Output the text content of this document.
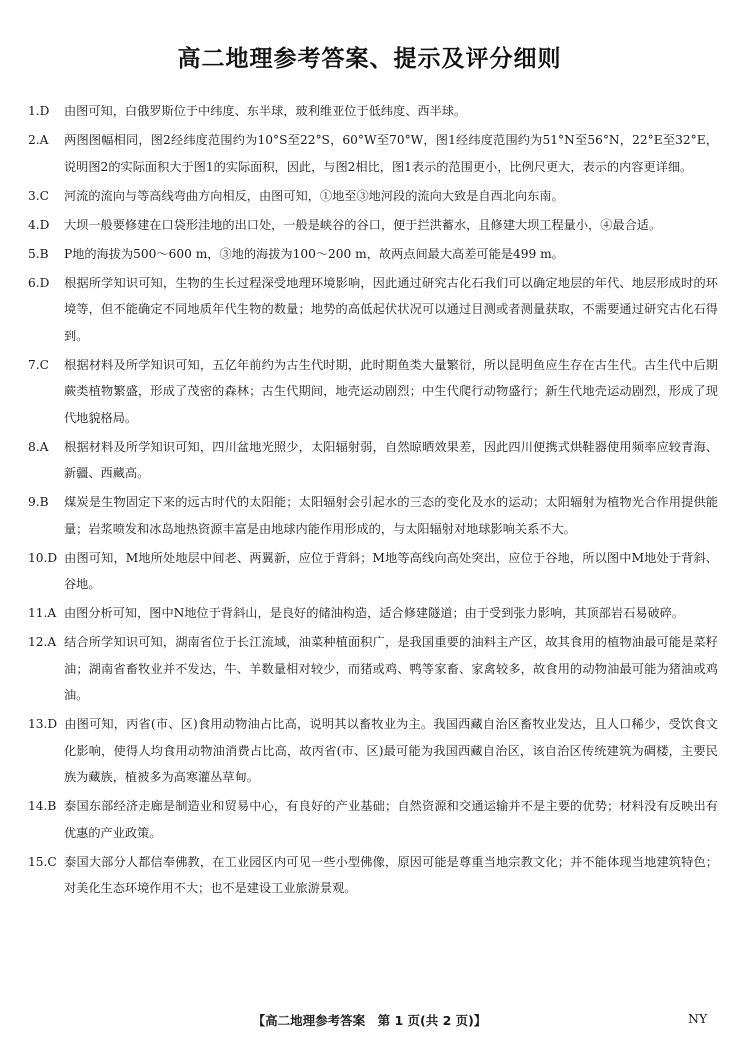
高二地理参考答案、提示及评分细则
1.D 由图可知，白俄罗斯位于中纬度、东半球，玻利维亚位于低纬度、西半球。
2.A 两图图幅相同，图2经纬度范围约为10°S至22°S，60°W至70°W，图1经纬度范围约为51°N至56°N，22°E至32°E，说明图2的实际面积大于图1的实际面积，因此，与图2相比，图1表示的范围更小，比例尺更大，表示的内容更详细。
3.C 河流的流向与等高线弯曲方向相反，由图可知，①地至③地河段的流向大致是自西北向东南。
4.D 大坝一般要修建在口袋形洼地的出口处，一般是峡谷的谷口，便于拦洪蓄水，且修建大坝工程量小，④最合适。
5.B P地的海拔为500～600 m，③地的海拔为100～200 m，故两点间最大高差可能是499 m。
6.D 根据所学知识可知，生物的生长过程深受地理环境影响，因此通过研究古化石我们可以确定地层的年代、地层形成时的环境等，但不能确定不同地质年代生物的数量；地势的高低起伏状况可以通过目测或者测量获取，不需要通过研究古化石得到。
7.C 根据材料及所学知识可知，五亿年前约为古生代时期，此时期鱼类大量繁衍，所以昆明鱼应生存在古生代。古生代中后期蕨类植物繁盛，形成了茂密的森林；古生代期间，地壳运动剧烈；中生代爬行动物盛行；新生代地壳运动剧烈，形成了现代地貌格局。
8.A 根据材料及所学知识可知，四川盆地光照少，太阳辐射弱，自然晾晒效果差，因此四川便携式烘鞋器使用频率应较青海、新疆、西藏高。
9.B 煤炭是生物固定下来的远古时代的太阳能；太阳辐射会引起水的三态的变化及水的运动；太阳辐射为植物光合作用提供能量；岩浆喷发和冰岛地热资源丰富是由地球内能作用形成的，与太阳辐射对地球影响关系不大。
10.D 由图可知，M地所处地层中间老、两翼新，应位于背斜；M地等高线向高处突出，应位于谷地，所以图中M地处于背斜、谷地。
11.A 由图分析可知，图中N地位于背斜山，是良好的储油构造，适合修建隧道；由于受到张力影响，其顶部岩石易破碎。
12.A 结合所学知识可知，湖南省位于长江流域，油菜种植面积广，是我国重要的油料主产区，故其食用的植物油最可能是菜籽油；湖南省畜牧业并不发达，牛、羊数量相对较少，而猪或鸡、鸭等家畜、家禽较多，故食用的动物油最可能为猪油或鸡油。
13.D 由图可知，丙省(市、区)食用动物油占比高，说明其以畜牧业为主。我国西藏自治区畜牧业发达，且人口稀少，受饮食文化影响，使得人均食用动物油消费占比高，故丙省(市、区)最可能为我国西藏自治区，该自治区传统建筑为碉楼，主要民族为藏族，植被多为高寒灌丛草甸。
14.B 泰国东部经济走廊是制造业和贸易中心，有良好的产业基础；自然资源和交通运输并不是主要的优势；材料没有反映出有优惠的产业政策。
15.C 泰国大部分人都信奉佛教，在工业园区内可见一些小型佛像，原因可能是尊重当地宗教文化；并不能体现当地建筑特色；对美化生态环境作用不大；也不是建设工业旅游景观。
【高二地理参考答案　第 1 页(共 2 页)】	NY
